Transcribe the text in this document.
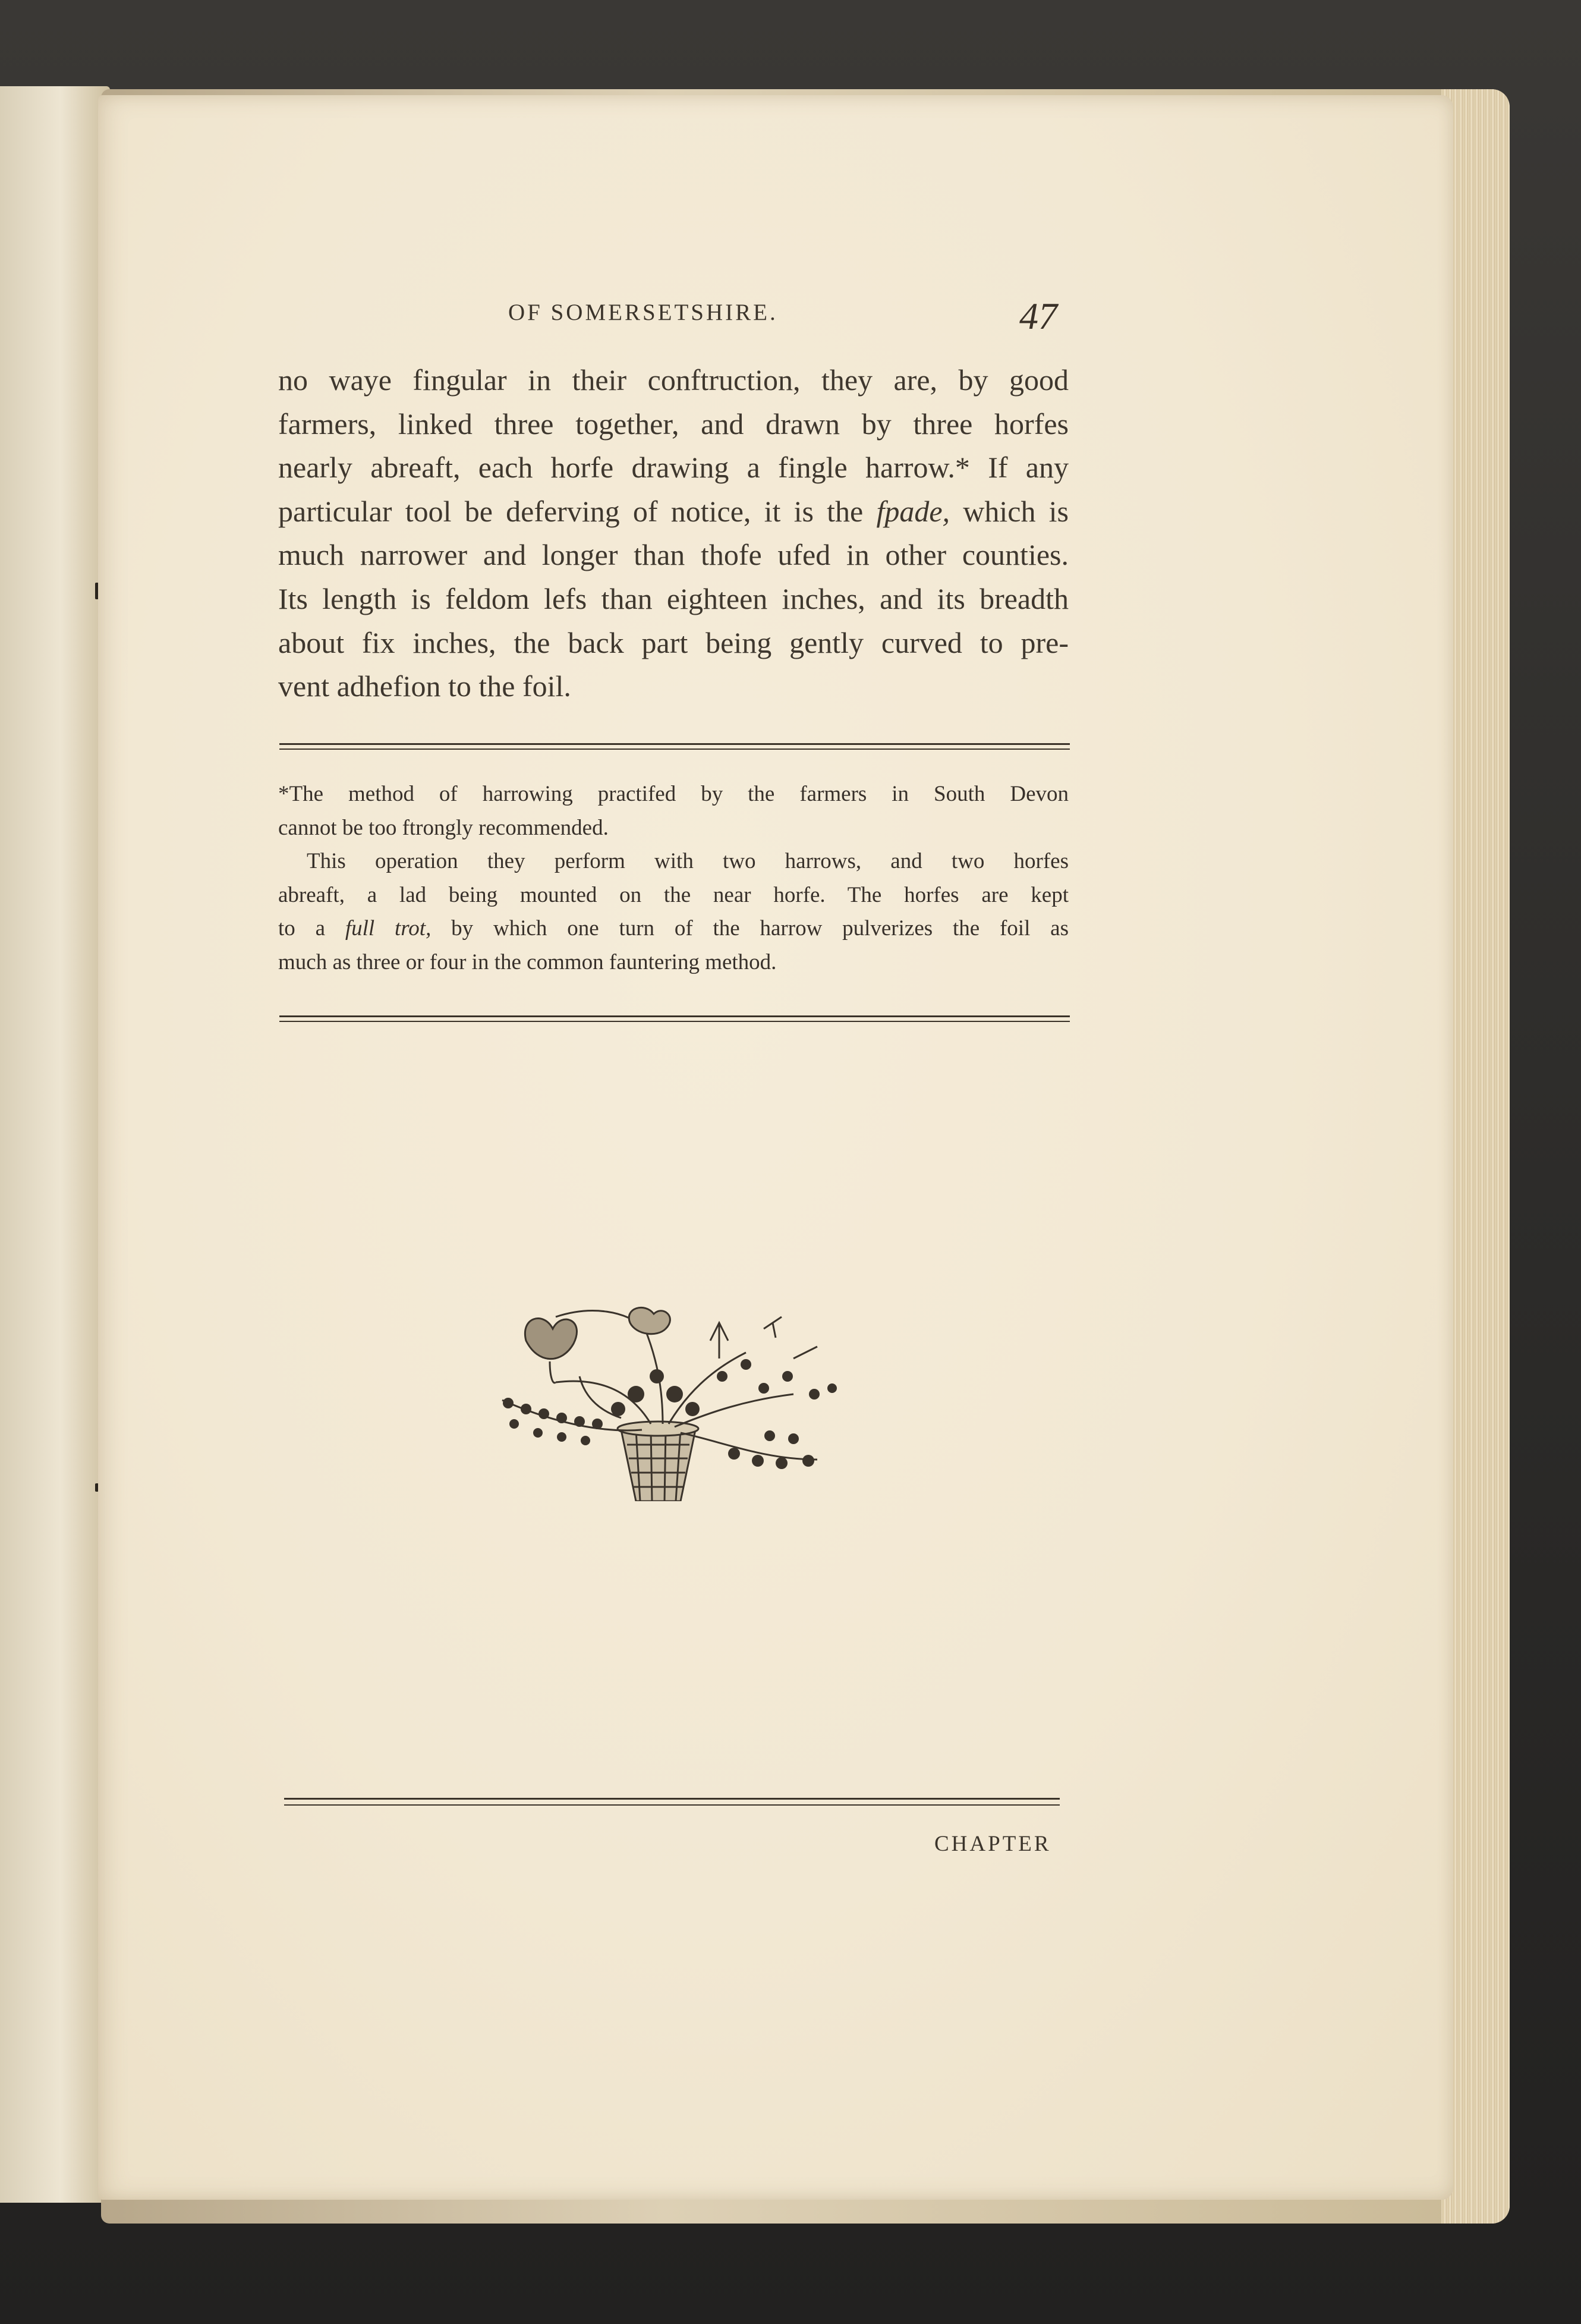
OF SOMERSETSHIRE.	47
no waye fingular in their conftruction, they are, by good
farmers, linked three together, and drawn by three horfes
nearly abreaft, each horfe drawing a fingle harrow.* If any
particular tool be deferving of notice, it is the fpade, which is
much narrower and longer than thofe ufed in other counties.
Its length is feldom lefs than eighteen inches, and its breadth
about fix inches, the back part being gently curved to pre-
vent adhefion to the foil.
*The method of harrowing practifed by the farmers in South Devon
cannot be too ftrongly recommended.
This operation they perform with two harrows, and two horfes
abreaft, a lad being mounted on the near horfe. The horfes are kept
to a full trot, by which one turn of the harrow pulverizes the foil as
much as three or four in the common fauntering method.
CHAPTER
